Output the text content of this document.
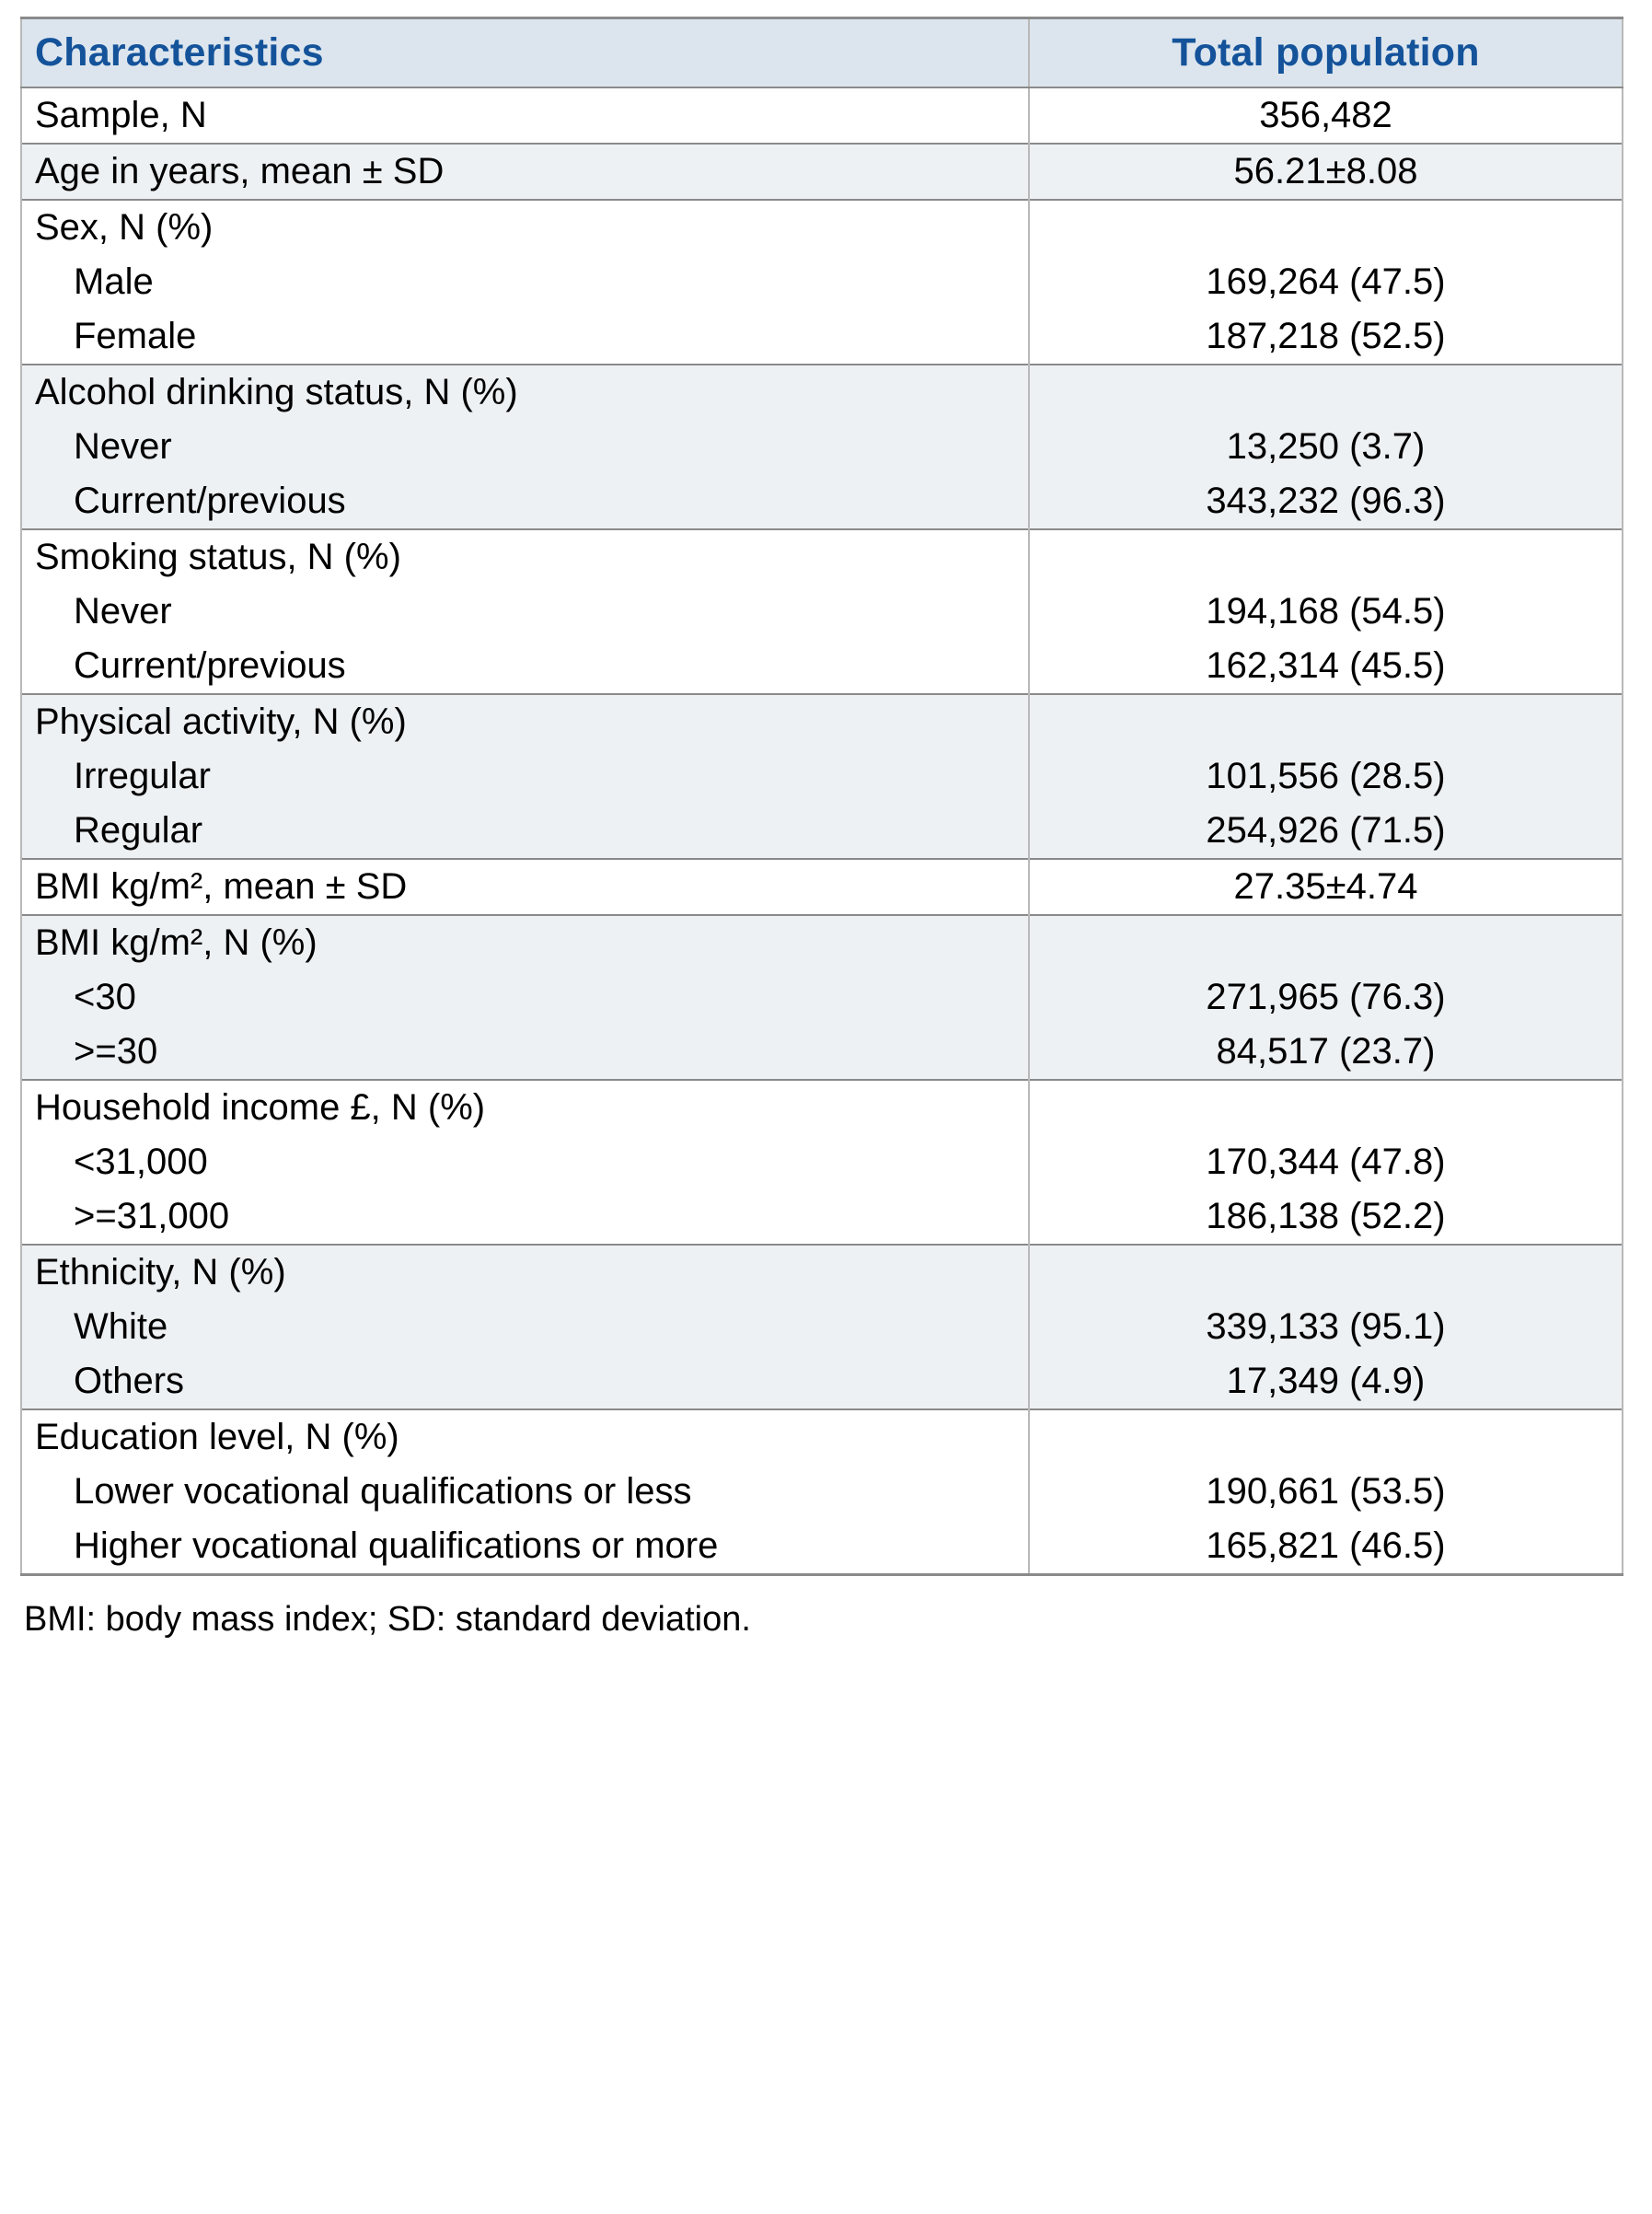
Characteristics	Total population
Sample, N	356,482
Age in years, mean ± SD	56.21±8.08
Sex, N (%)	
Male	169,264 (47.5)
Female	187,218 (52.5)
Alcohol drinking status, N (%)	
Never	13,250 (3.7)
Current/previous	343,232 (96.3)
Smoking status, N (%)	
Never	194,168 (54.5)
Current/previous	162,314 (45.5)
Physical activity, N (%)	
Irregular	101,556 (28.5)
Regular	254,926 (71.5)
BMI kg/m², mean ± SD	27.35±4.74
BMI kg/m², N (%)	
<30	271,965 (76.3)
>=30	84,517 (23.7)
Household income £, N (%)	
<31,000	170,344 (47.8)
>=31,000	186,138 (52.2)
Ethnicity, N (%)	
White	339,133 (95.1)
Others	17,349 (4.9)
Education level, N (%)	
Lower vocational qualifications or less	190,661 (53.5)
Higher vocational qualifications or more	165,821 (46.5)
BMI: body mass index; SD: standard deviation.
